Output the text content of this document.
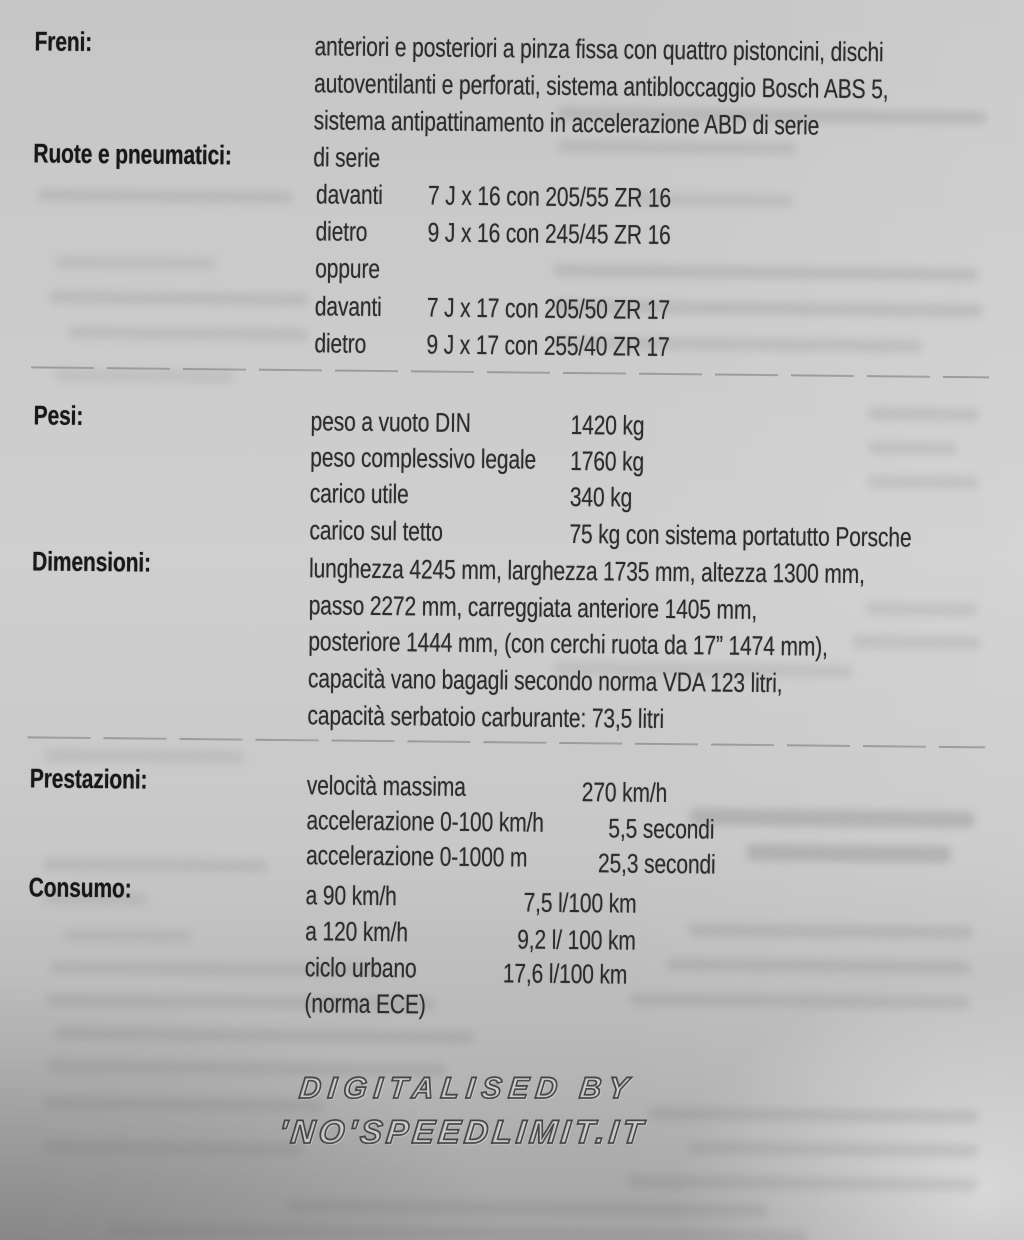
Freni:	anteriori e posteriori a pinza fissa con quattro pistoncini, dischi
autoventilanti e perforati, sistema antibloccaggio Bosch ABS 5,
sistema antipattinamento in accelerazione ABD di serie
Ruote e pneumatici:	di serie
davanti 7 J x 16 con 205/55 ZR 16
dietro 9 J x 16 con 245/45 ZR 16
oppure
davanti 7 J x 17 con 205/50 ZR 17
dietro 9 J x 17 con 255/40 ZR 17
Pesi:	peso a vuoto DIN	1420 kg
peso complessivo legale 1760 kg
carico utile	340 kg
carico sul tetto	75 kg con sistema portatutto Porsche
Dimensioni:	lunghezza 4245 mm, larghezza 1735 mm, altezza 1300 mm,
passo 2272 mm, carreggiata anteriore 1405 mm,
posteriore 1444 mm, (con cerchi ruota da 17” 1474 mm),
capacità vano bagagli secondo norma VDA 123 litri,
capacità serbatoio carburante: 73,5 litri
Prestazioni:	velocità massima	270 km/h
accelerazione 0-100 km/h 5,5 secondi
accelerazione 0-1000 m	25,3 secondi
Consumo:	a 90 km/h	7,5 l/100 km
a 120 km/h	9,2 l/ 100 km
ciclo urbano	17,6 l/100 km
(norma ECE)
DIGITALISED BY
'NO'SPEEDLIMIT.IT
